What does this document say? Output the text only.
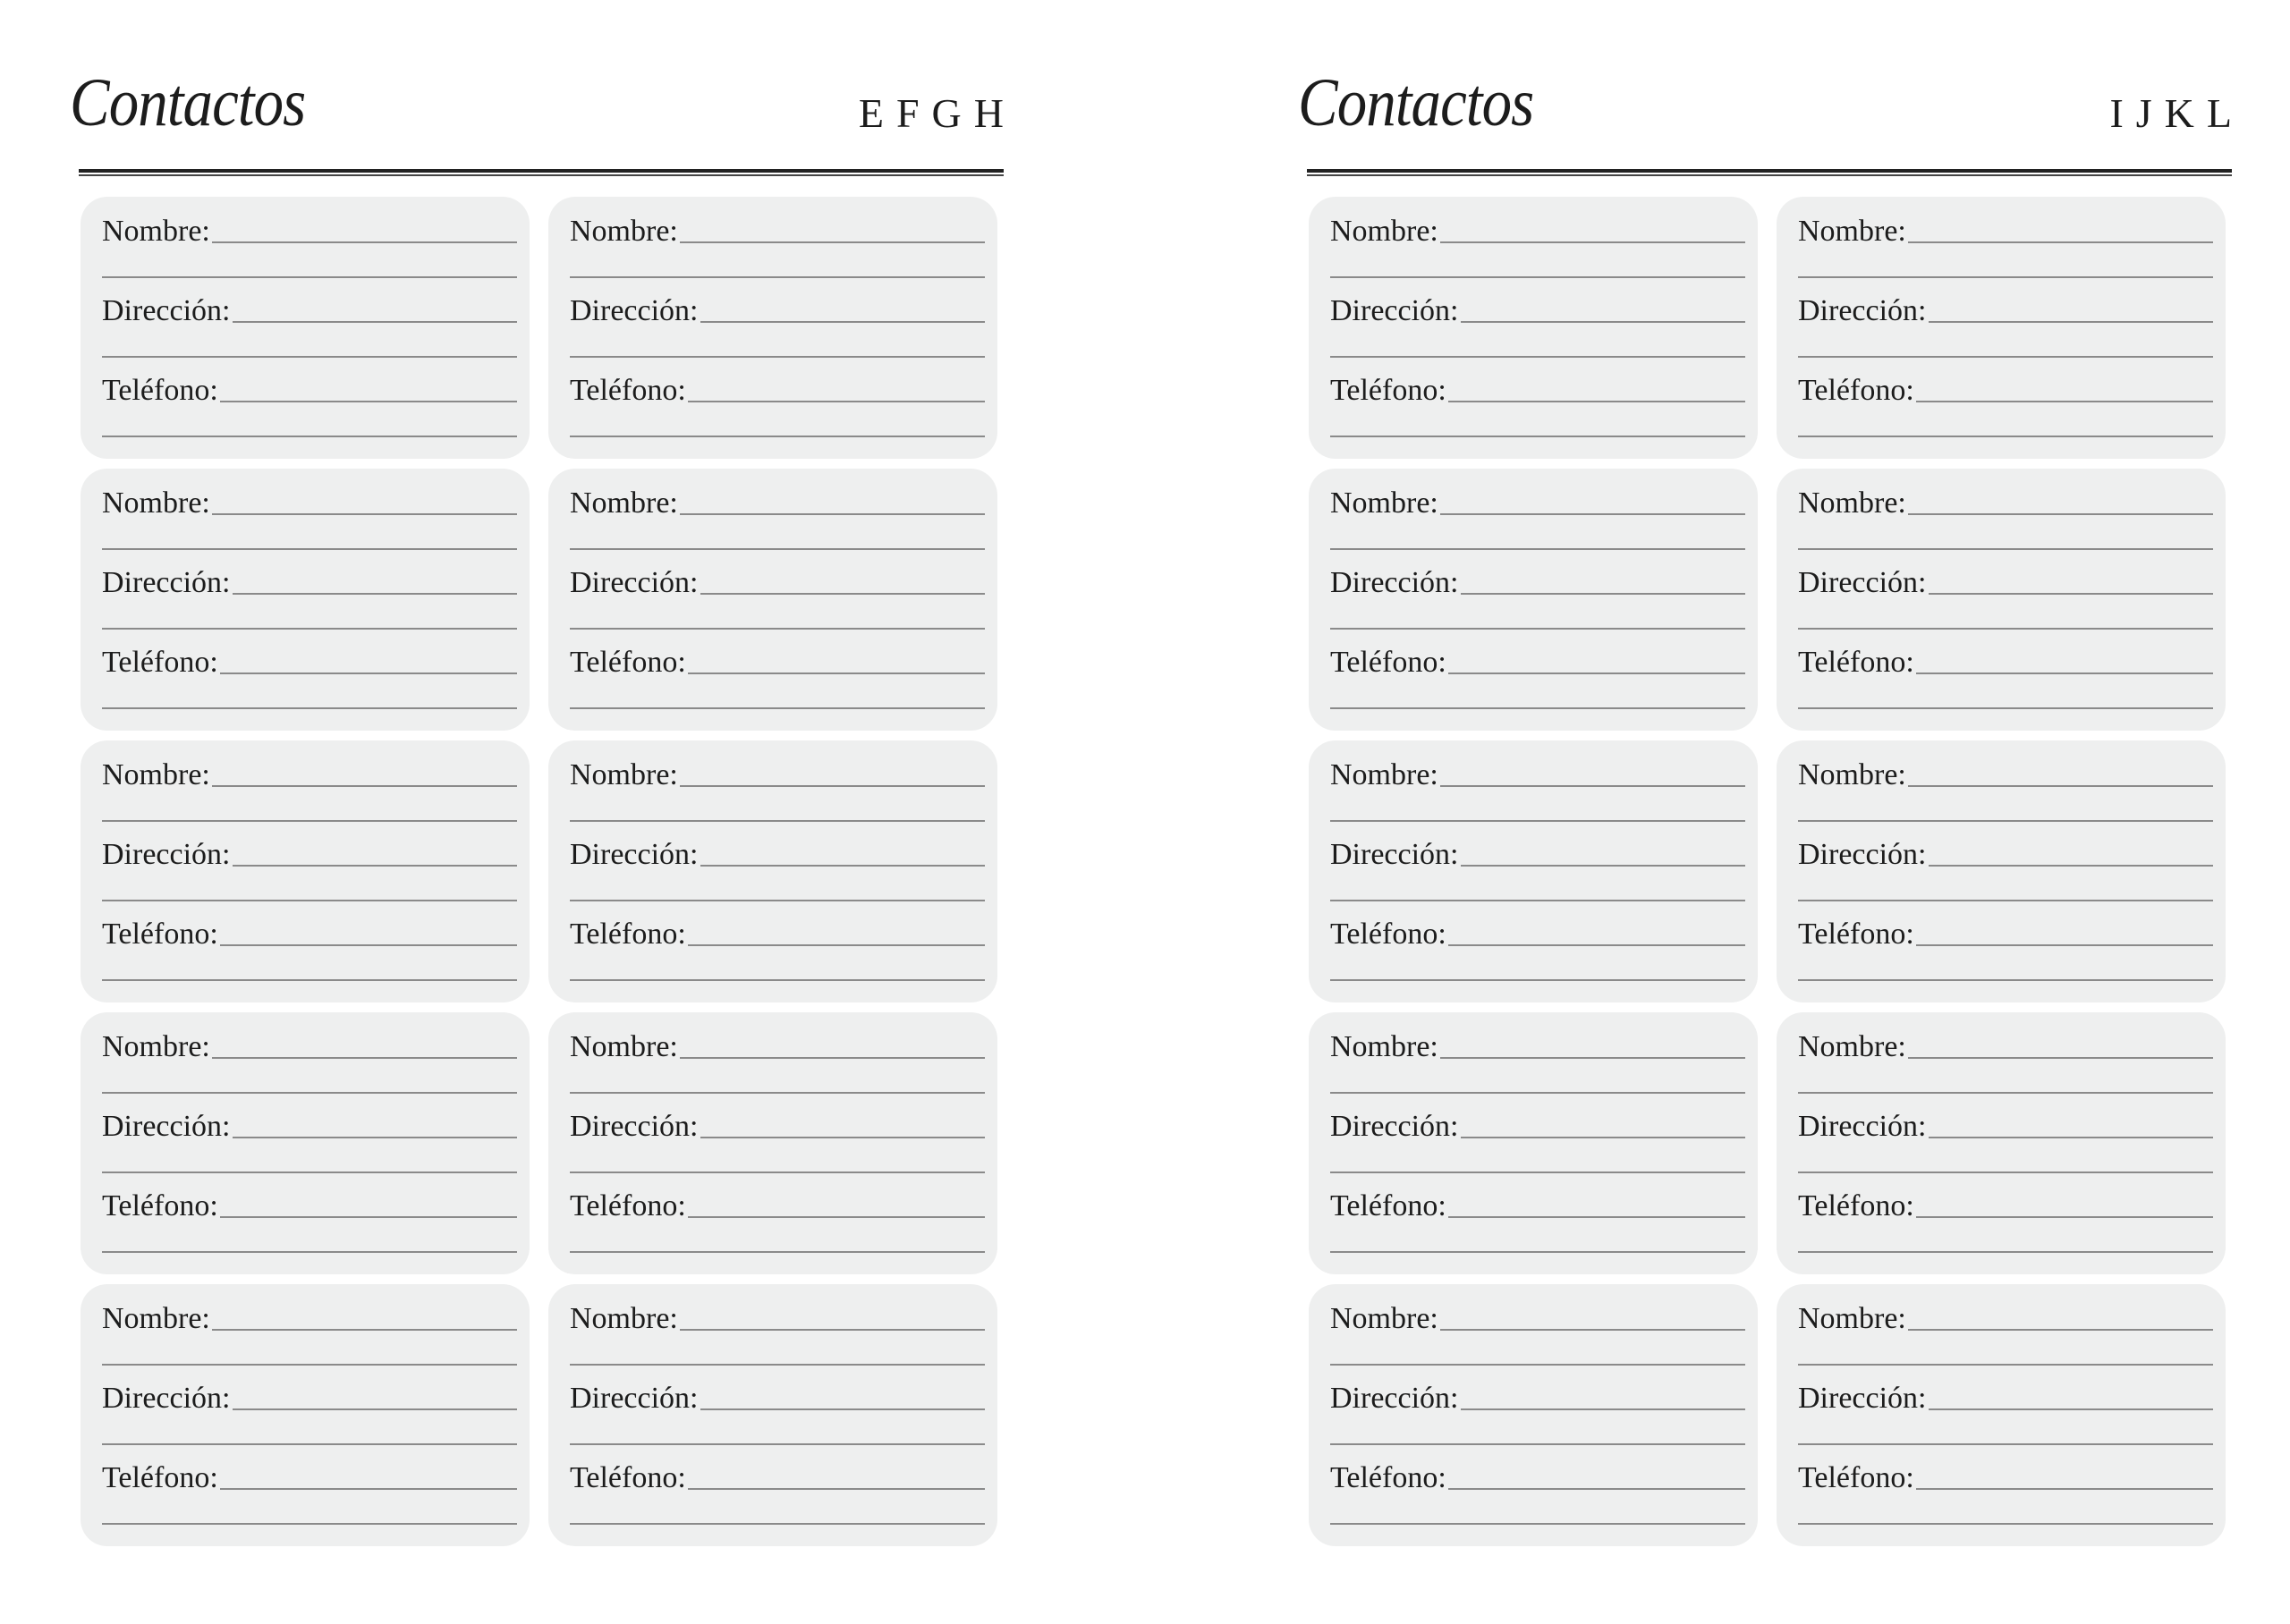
Contactos	EFGH
Nombre:
Dirección:
Teléfono:
Nombre:
Dirección:
Teléfono:
Nombre:
Dirección:
Teléfono:
Nombre:
Dirección:
Teléfono:
Nombre:
Dirección:
Teléfono:
Nombre:
Dirección:
Teléfono:
Nombre:
Dirección:
Teléfono:
Nombre:
Dirección:
Teléfono:
Nombre:
Dirección:
Teléfono:
Nombre:
Dirección:
Teléfono:
Contactos	IJKL
Nombre:
Dirección:
Teléfono:
Nombre:
Dirección:
Teléfono:
Nombre:
Dirección:
Teléfono:
Nombre:
Dirección:
Teléfono:
Nombre:
Dirección:
Teléfono:
Nombre:
Dirección:
Teléfono:
Nombre:
Dirección:
Teléfono:
Nombre:
Dirección:
Teléfono:
Nombre:
Dirección:
Teléfono:
Nombre:
Dirección:
Teléfono:
